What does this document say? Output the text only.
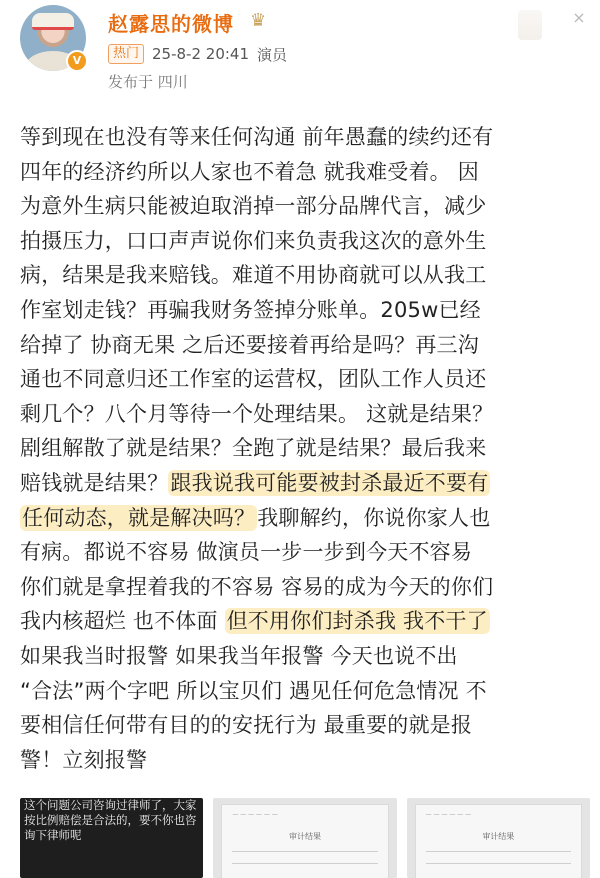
V
赵露思的微博 ♛	×
热门 25-8-2 20:41 演员
发布于 四川
等到现在也没有等来任何沟通 前年愚蠢的续约还有
四年的经济约所以人家也不着急 就我难受着。 因
为意外生病只能被迫取消掉一部分品牌代言，减少
拍摄压力，口口声声说你们来负责我这次的意外生
病，结果是我来赔钱。难道不用协商就可以从我工
作室划走钱？再骗我财务签掉分账单。205w已经
给掉了 协商无果 之后还要接着再给是吗？再三沟
通也不同意归还工作室的运营权，团队工作人员还
剩几个？八个月等待一个处理结果。 这就是结果？
剧组解散了就是结果？全跑了就是结果？最后我来
赔钱就是结果？跟我说我可能要被封杀最近不要有
任何动态，就是解决吗？我聊解约，你说你家人也
有病。都说不容易 做演员一步一步到今天不容易
你们就是拿捏着我的不容易 容易的成为今天的你们
我内核超烂 也不体面 但不用你们封杀我 我不干了
如果我当时报警 如果我当年报警 今天也说不出
“合法”两个字吧 所以宝贝们 遇见任何危急情况 不
要相信任何带有目的的安抚行为 最重要的就是报
警！立刻报警
这个问题公司咨询过律师了，大家按比例赔偿是合法的，要不你也咨询下律师呢
— — — — — —
审计结果
— — — — — —
审计结果
